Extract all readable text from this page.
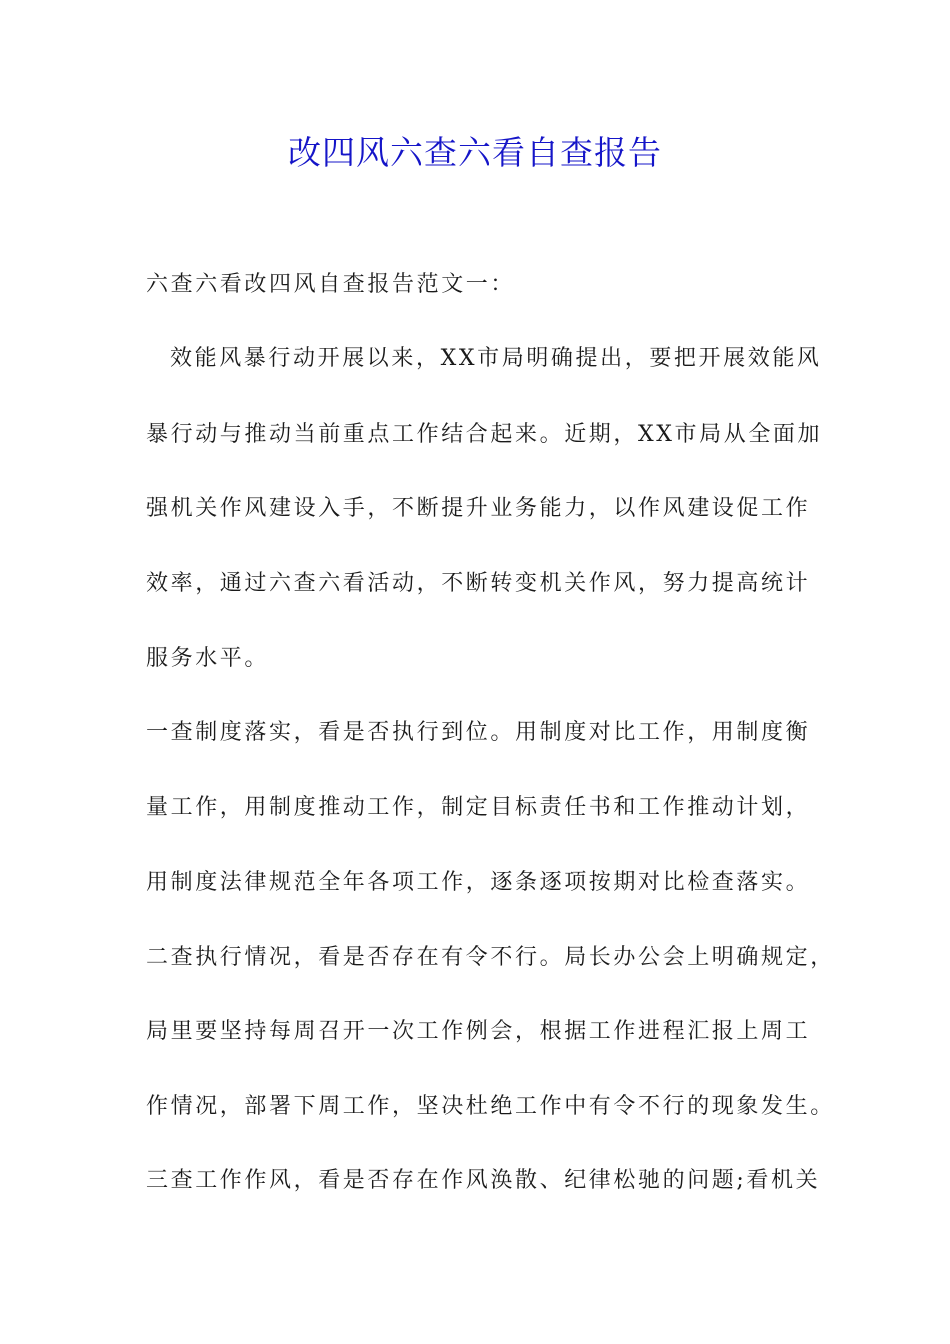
改四风六查六看自查报告
六查六看改四风自查报告范文一：
效能风暴行动开展以来，XX市局明确提出，要把开展效能风
暴行动与推动当前重点工作结合起来。近期，XX市局从全面加
强机关作风建设入手，不断提升业务能力，以作风建设促工作
效率，通过六查六看活动，不断转变机关作风，努力提高统计
服务水平。
一查制度落实，看是否执行到位。用制度对比工作，用制度衡
量工作，用制度推动工作，制定目标责任书和工作推动计划，
用制度法律规范全年各项工作，逐条逐项按期对比检查落实。
二查执行情况，看是否存在有令不行。局长办公会上明确规定，
局里要坚持每周召开一次工作例会，根据工作进程汇报上周工
作情况，部署下周工作，坚决杜绝工作中有令不行的现象发生。
三查工作作风，看是否存在作风涣散、纪律松驰的问题;看机关
